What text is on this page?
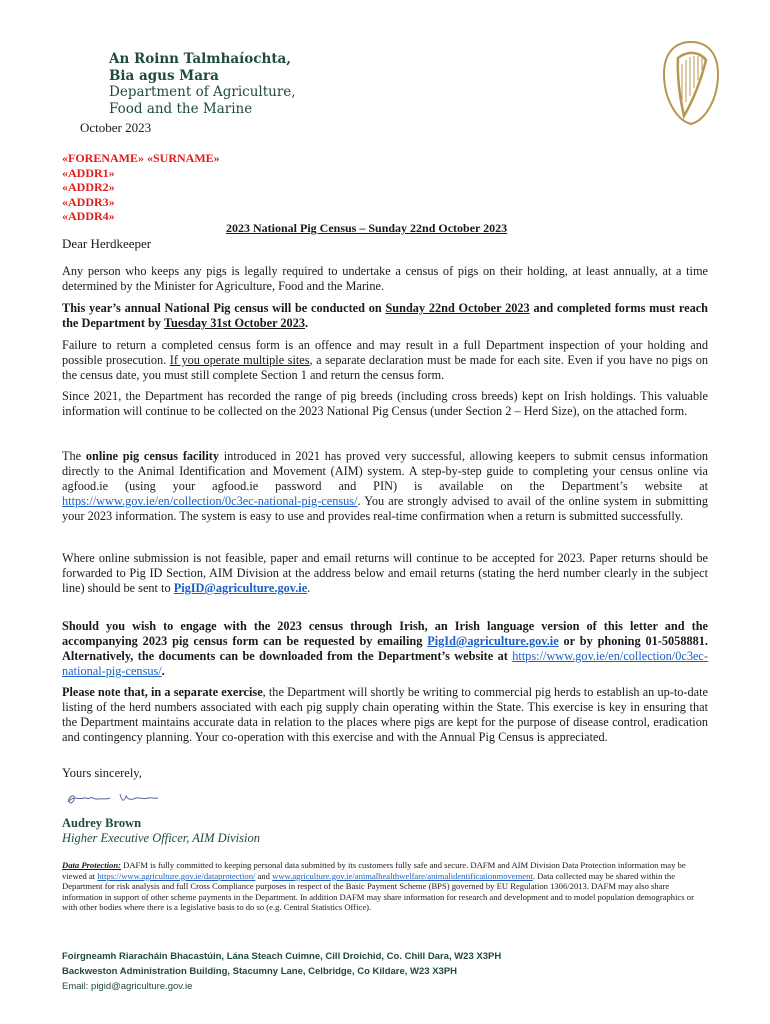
An Roinn Talmhaíochta,
Bia agus Mara
Department of Agriculture,
Food and the Marine
October 2023
«FORENAME» «SURNAME»
«ADDR1»
«ADDR2»
«ADDR3»
«ADDR4»
2023 National Pig Census – Sunday 22nd October 2023
Dear Herdkeeper
Any person who keeps any pigs is legally required to undertake a census of pigs on their holding, at least annually, at a time determined by the Minister for Agriculture, Food and the Marine.
This year’s annual National Pig census will be conducted on Sunday 22nd October 2023 and completed forms must reach the Department by Tuesday 31st October 2023.
Failure to return a completed census form is an offence and may result in a full Department inspection of your holding and possible prosecution. If you operate multiple sites, a separate declaration must be made for each site. Even if you have no pigs on the census date, you must still complete Section 1 and return the census form.
Since 2021, the Department has recorded the range of pig breeds (including cross breeds) kept on Irish holdings. This valuable information will continue to be collected on the 2023 National Pig Census (under Section 2 – Herd Size), on the attached form.
The online pig census facility introduced in 2021 has proved very successful, allowing keepers to submit census information directly to the Animal Identification and Movement (AIM) system. A step-by-step guide to completing your census online via agfood.ie (using your agfood.ie password and PIN) is available on the Department’s website at https://www.gov.ie/en/collection/0c3ec-national-pig-census/. You are strongly advised to avail of the online system in submitting your 2023 information. The system is easy to use and provides real-time confirmation when a return is submitted successfully.
Where online submission is not feasible, paper and email returns will continue to be accepted for 2023. Paper returns should be forwarded to Pig ID Section, AIM Division at the address below and email returns (stating the herd number clearly in the subject line) should be sent to PigID@agriculture.gov.ie.
Should you wish to engage with the 2023 census through Irish, an Irish language version of this letter and the accompanying 2023 pig census form can be requested by emailing PigId@agriculture.gov.ie or by phoning 01-5058881. Alternatively, the documents can be downloaded from the Department’s website at https://www.gov.ie/en/collection/0c3ec-national-pig-census/.
Please note that, in a separate exercise, the Department will shortly be writing to commercial pig herds to establish an up-to-date listing of the herd numbers associated with each pig supply chain operating within the State. This exercise is key in ensuring that the Department maintains accurate data in relation to the places where pigs are kept for the purpose of disease control, eradication and contingency planning. Your co-operation with this exercise and with the Annual Pig Census is appreciated.
Yours sincerely,
Audrey Brown
Higher Executive Officer, AIM Division
Data Protection: DAFM is fully committed to keeping personal data submitted by its customers fully safe and secure. DAFM and AIM Division Data Protection information may be viewed at https://www.agriculture.gov.ie/dataprotection/ and www.agriculture.gov.ie/animalhealthwelfare/animalidentificationmovement. Data collected may be shared within the Department for risk analysis and full Cross Compliance purposes in respect of the Basic Payment Scheme (BPS) governed by EU Regulation 1306/2013. DAFM may also share information in support of other scheme payments in the Department. In addition DAFM may share information for research and development and to model population demographics or with other bodies where there is a legislative basis to do so (e.g. Central Statistics Office).
Foirgneamh Riaracháin Bhacastúin, Lána Steach Cuimne, Cill Droichid, Co. Chill Dara, W23 X3PH
Backweston Administration Building, Stacumny Lane, Celbridge, Co Kildare, W23 X3PH
Email: pigid@agriculture.gov.ie
